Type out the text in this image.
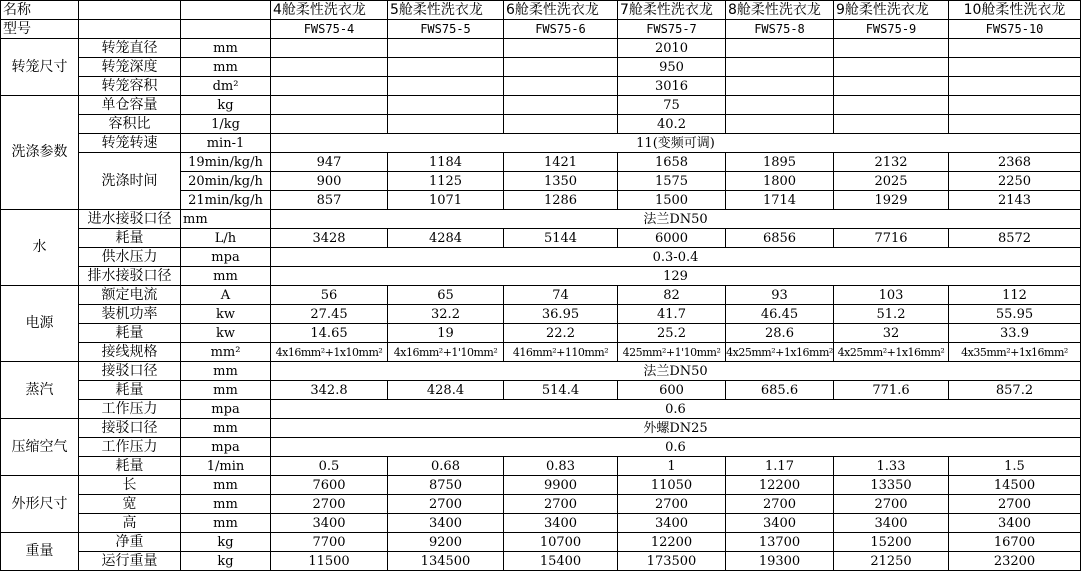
名称			4舱柔性洗衣龙	5舱柔性洗衣龙	6舱柔性洗衣龙	7舱柔性洗衣龙	8舱柔性洗衣龙	9舱柔性洗衣龙	10舱柔性洗衣龙
型号			FWS75-4	FWS75-5	FWS75-6	FWS75-7	FWS75-8	FWS75-9	FWS75-10
转笼尺寸	转笼直径	mm				2010			
	转笼深度	mm				950			
	转笼容积	dm²				3016			
洗涤参数	单仓容量	kg				75			
	容积比	1/kg				40.2			
	转笼转速	min-1	11(变频可调)						
	洗涤时间	19min/kg/h	947	1184	1421	1658	1895	2132	2368
		20min/kg/h	900	1125	1350	1575	1800	2025	2250
		21min/kg/h	857	1071	1286	1500	1714	1929	2143
水	进水接驳口径	mm	法兰DN50						
	耗量	L/h	3428	4284	5144	6000	6856	7716	8572
	供水压力	mpa	0.3-0.4						
	排水接驳口径	mm	129						
电源	额定电流	A	56	65	74	82	93	103	112
	装机功率	kw	27.45	32.2	36.95	41.7	46.45	51.2	55.95
	耗量	kw	14.65	19	22.2	25.2	28.6	32	33.9
	接线规格	mm²	4x16mm²+1x10mm²	4x16mm²+1'10mm²	416mm²+110mm²	425mm²+1'10mm²	4x25mm²+1x16mm²	4x25mm²+1x16mm²	4x35mm²+1x16mm²
蒸汽	接驳口径	mm	法兰DN50						
	耗量	mm	342.8	428.4	514.4	600	685.6	771.6	857.2
	工作压力	mpa	0.6						
压缩空气	接驳口径	mm	外螺DN25						
	工作压力	mpa	0.6						
	耗量	1/min	0.5	0.68	0.83	1	1.17	1.33	1.5
外形尺寸	长	mm	7600	8750	9900	11050	12200	13350	14500
	宽	mm	2700	2700	2700	2700	2700	2700	2700
	高	mm	3400	3400	3400	3400	3400	3400	3400
重量	净重	kg	7700	9200	10700	12200	13700	15200	16700
	运行重量	kg	11500	134500	15400	173500	19300	21250	23200
